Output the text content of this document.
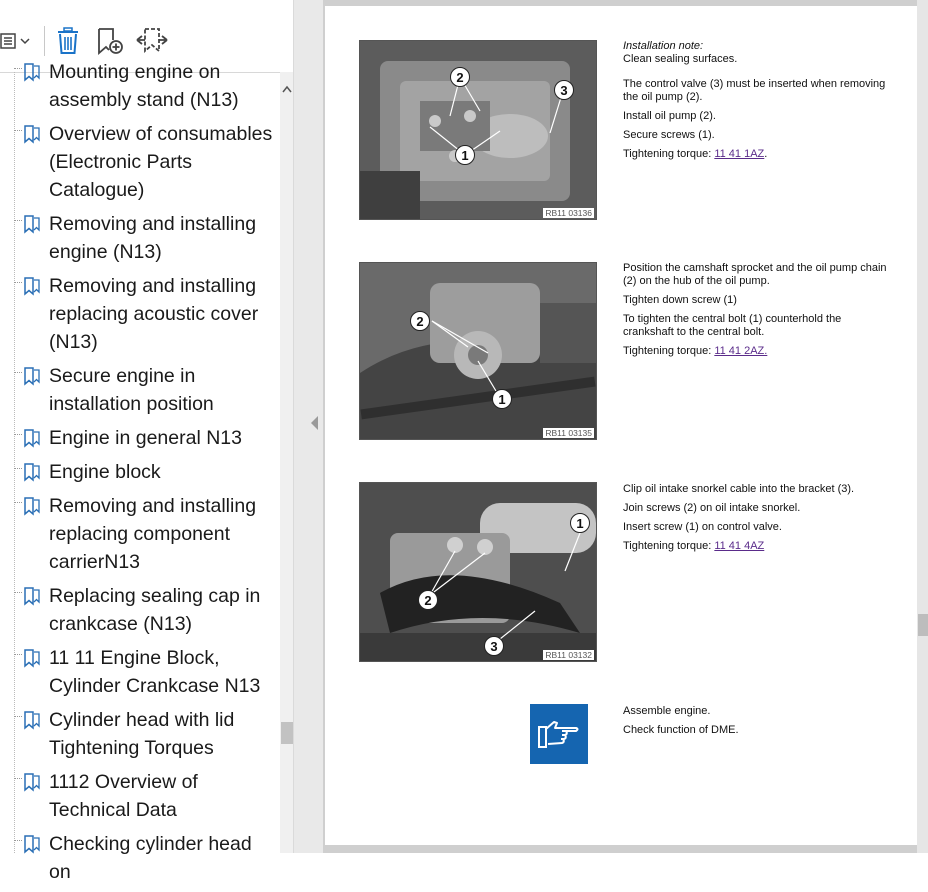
Mounting engine on assembly stand (N13)
Overview of consumables (Electronic Parts Catalogue)
Removing and installing engine (N13)
Removing and installing replacing acoustic cover (N13)
Secure engine in installation position
Engine in general N13
Engine block
Removing and installing replacing component carrierN13
Replacing sealing cap in crankcase (N13)
11 11 Engine Block, Cylinder Crankcase N13
Cylinder head with lid Tightening Torques
1112 Overview of Technical Data
Checking cylinder head on
2
3
1
RB11 03136

Installation note:
Clean sealing surfaces.

The control valve (3) must be inserted when removing the oil pump (2).

Install oil pump (2).

Secure screws (1).

Tightening torque: 11 41 1AZ.

2
1
RB11 03135

Position the camshaft sprocket and the oil pump chain (2) on the hub of the oil pump.

Tighten down screw (1)

To tighten the central bolt (1) counterhold the crankshaft to the central bolt.

Tightening torque: 11 41 2AZ.

1
2
3
RB11 03132

Clip oil intake snorkel cable into the bracket (3).

Join screws (2) on oil intake snorkel.

Insert screw (1) on control valve.

Tightening torque: 11 41 4AZ

Assemble engine.

Check function of DME.
